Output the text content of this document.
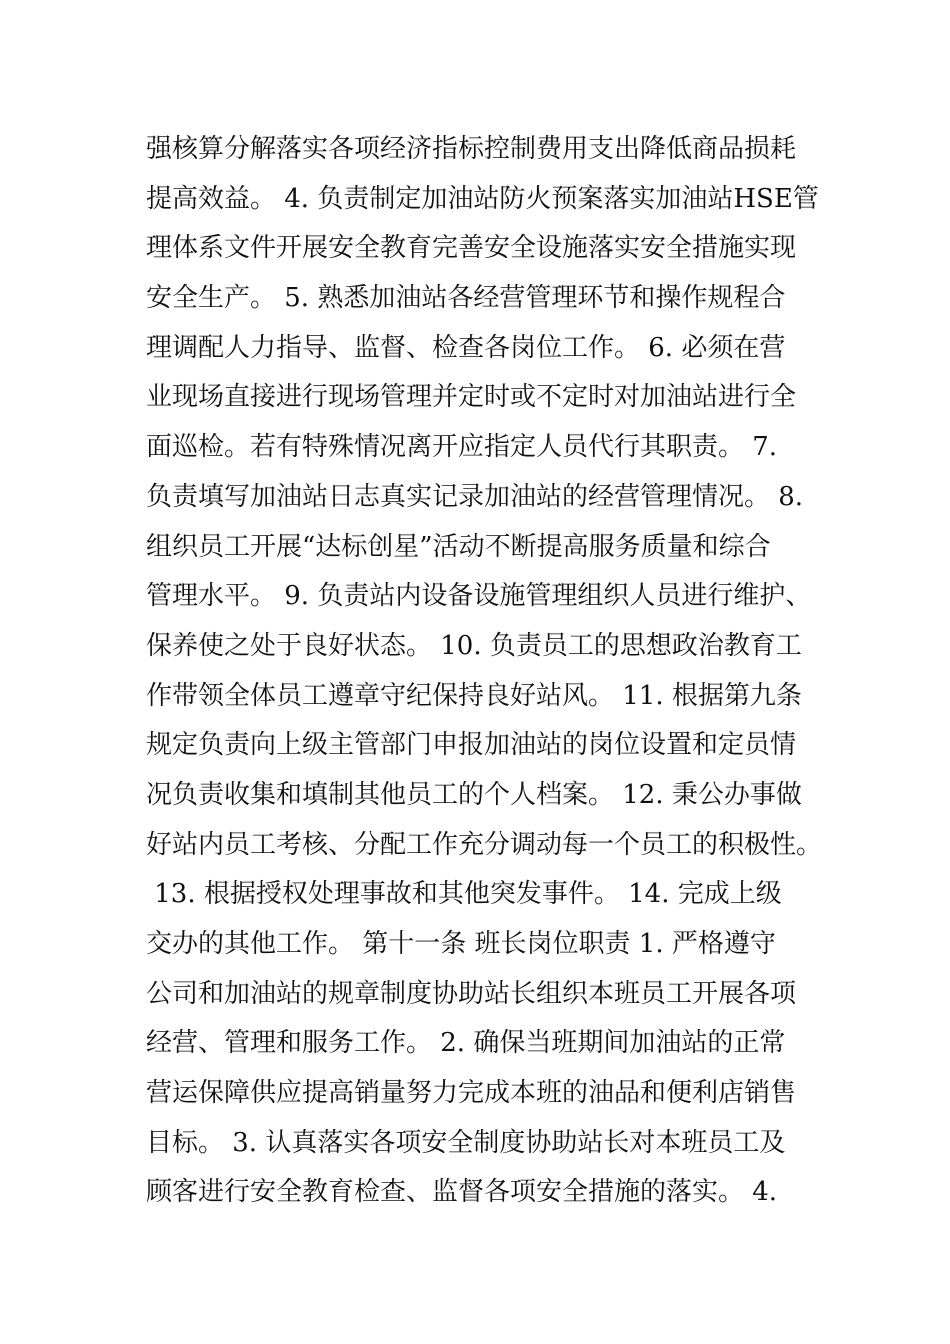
强核算分解落实各项经济指标控制费用支出降低商品损耗
提高效益。 4. 负责制定加油站防火预案落实加油站HSE管
理体系文件开展安全教育完善安全设施落实安全措施实现
安全生产。 5. 熟悉加油站各经营管理环节和操作规程合
理调配人力指导、监督、检查各岗位工作。 6. 必须在营
业现场直接进行现场管理并定时或不定时对加油站进行全
面巡检。若有特殊情况离开应指定人员代行其职责。 7.
负责填写加油站日志真实记录加油站的经营管理情况。 8.
组织员工开展“达标创星”活动不断提高服务质量和综合
管理水平。 9. 负责站内设备设施管理组织人员进行维护、
保养使之处于良好状态。 10. 负责员工的思想政治教育工
作带领全体员工遵章守纪保持良好站风。 11. 根据第九条
规定负责向上级主管部门申报加油站的岗位设置和定员情
况负责收集和填制其他员工的个人档案。 12. 秉公办事做
好站内员工考核、分配工作充分调动每一个员工的积极性。
13. 根据授权处理事故和其他突发事件。 14. 完成上级
交办的其他工作。 第十一条 班长岗位职责 1. 严格遵守
公司和加油站的规章制度协助站长组织本班员工开展各项
经营、管理和服务工作。 2. 确保当班期间加油站的正常
营运保障供应提高销量努力完成本班的油品和便利店销售
目标。 3. 认真落实各项安全制度协助站长对本班员工及
顾客进行安全教育检查、监督各项安全措施的落实。 4.
